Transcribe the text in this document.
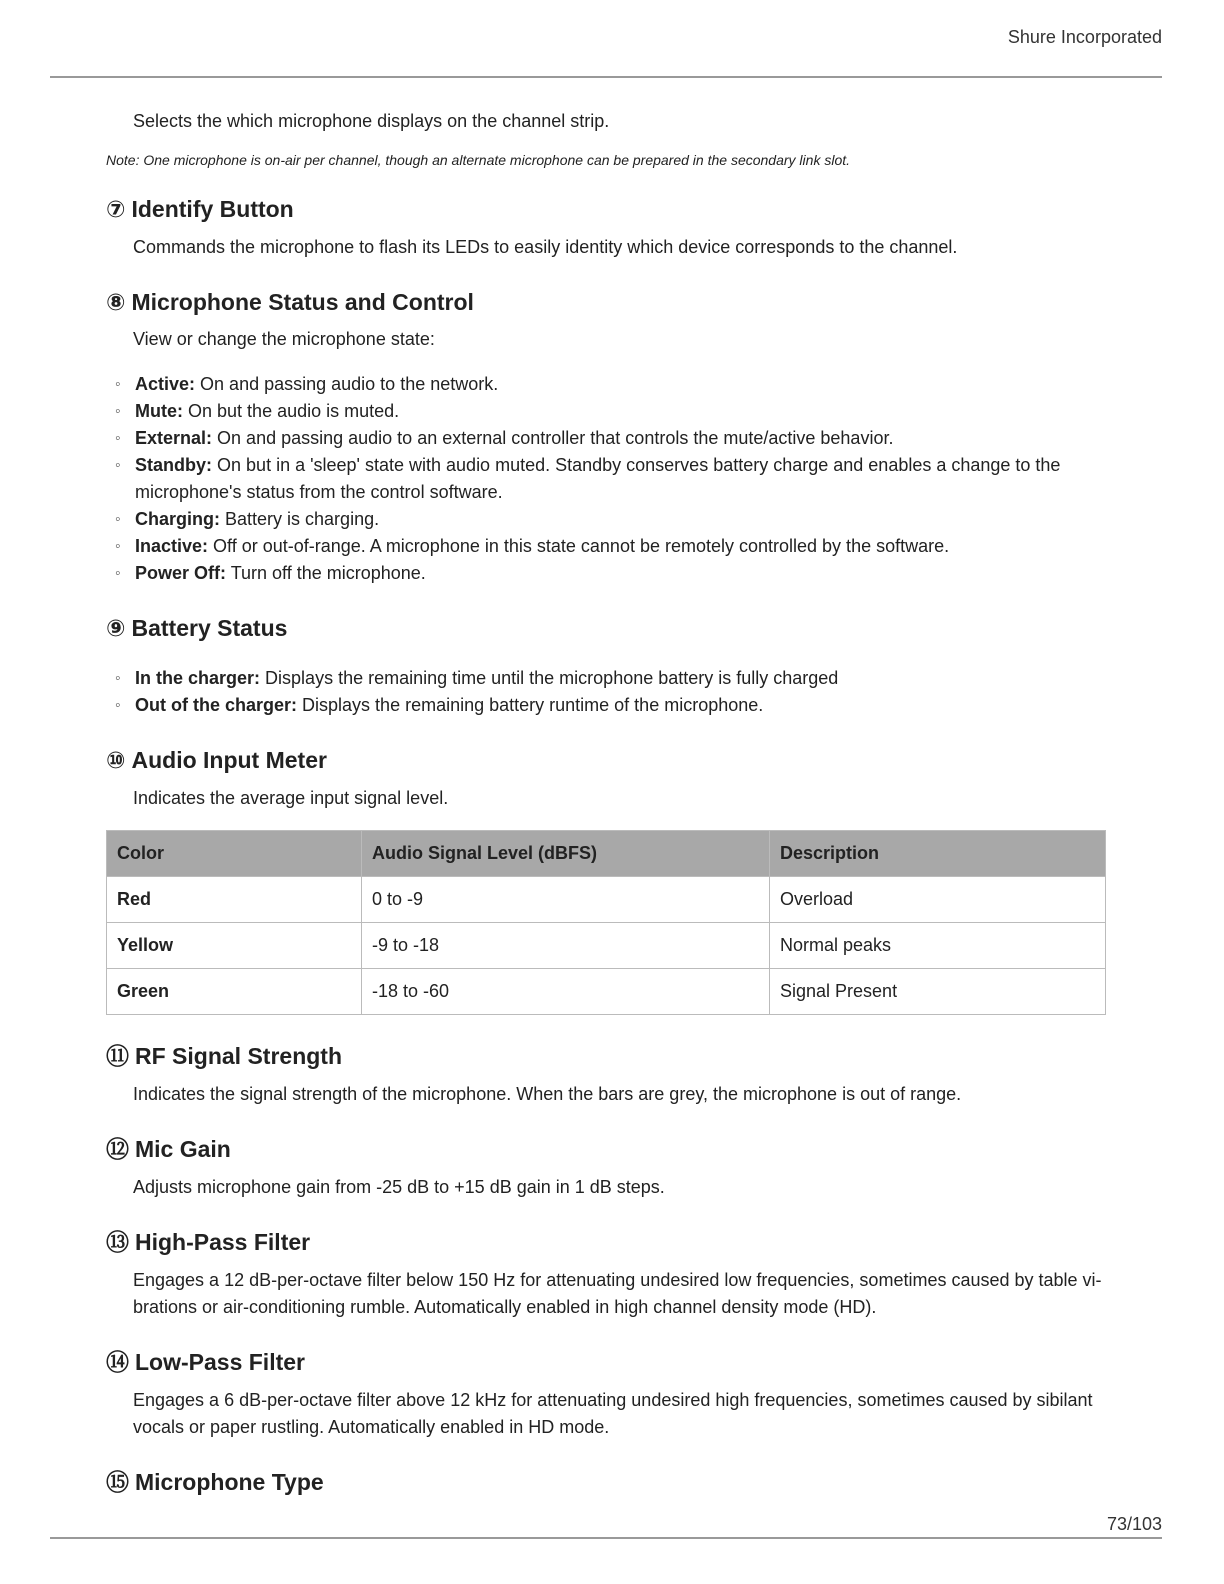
Shure Incorporated

Selects the which microphone displays on the channel strip.

Note: One microphone is on-air per channel, though an alternate microphone can be prepared in the secondary link slot.

⑦ Identify Button

Commands the microphone to flash its LEDs to easily identity which device corresponds to the channel.

⑧ Microphone Status and Control

View or change the microphone state:

◦ Active: On and passing audio to the network.
◦ Mute: On but the audio is muted.
◦ External: On and passing audio to an external controller that controls the mute/active behavior.
◦ Standby: On but in a 'sleep' state with audio muted. Standby conserves battery charge and enables a change to the microphone's status from the control software.
◦ Charging: Battery is charging.
◦ Inactive: Off or out-of-range. A microphone in this state cannot be remotely controlled by the software.
◦ Power Off: Turn off the microphone.
⑨ Battery Status
◦ In the charger: Displays the remaining time until the microphone battery is fully charged
◦ Out of the charger: Displays the remaining battery runtime of the microphone.
⑩ Audio Input Meter

Indicates the average input signal level.

Color	Audio Signal Level (dBFS)	Description
Red	0 to -9	Overload
Yellow	-9 to -18	Normal peaks
Green	-18 to -60	Signal Present
⑪ RF Signal Strength

Indicates the signal strength of the microphone. When the bars are grey, the microphone is out of range.

⑫ Mic Gain

Adjusts microphone gain from -25 dB to +15 dB gain in 1 dB steps.

⑬ High-Pass Filter

Engages a 12 dB-per-octave filter below 150 Hz for attenuating undesired low frequencies, sometimes caused by table vi-brations or air-conditioning rumble. Automatically enabled in high channel density mode (HD).

⑭ Low-Pass Filter

Engages a 6 dB-per-octave filter above 12 kHz for attenuating undesired high frequencies, sometimes caused by sibilant vocals or paper rustling. Automatically enabled in HD mode.

⑮ Microphone Type
73/103
